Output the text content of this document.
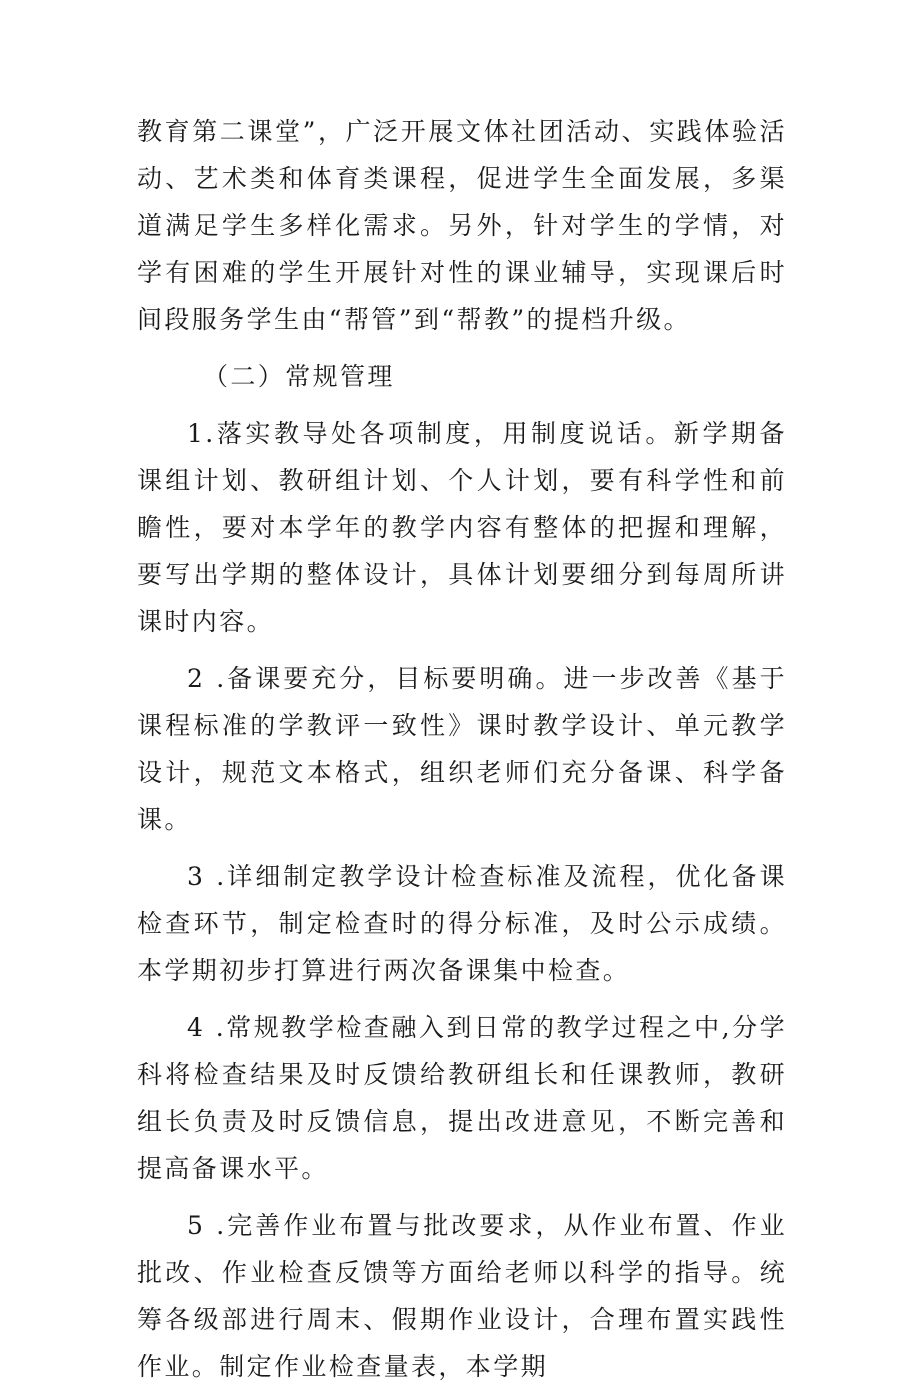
教育第二课堂”，广泛开展文体社团活动、实践体验活动、艺术类和体育类课程，促进学生全面发展，多渠道满足学生多样化需求。另外，针对学生的学情，对学有困难的学生开展针对性的课业辅导，实现课后时间段服务学生由“帮管”到“帮教”的提档升级。

（二）常规管理

1.落实教导处各项制度，用制度说话。新学期备课组计划、教研组计划、个人计划，要有科学性和前瞻性，要对本学年的教学内容有整体的把握和理解，要写出学期的整体设计，具体计划要细分到每周所讲课时内容。

2 .备课要充分，目标要明确。进一步改善《基于课程标准的学教评一致性》课时教学设计、单元教学设计，规范文本格式，组织老师们充分备课、科学备课。

3 .详细制定教学设计检查标准及流程，优化备课检查环节，制定检查时的得分标准，及时公示成绩。本学期初步打算进行两次备课集中检查。

4 .常规教学检查融入到日常的教学过程之中,分学科将检查结果及时反馈给教研组长和任课教师，教研组长负责及时反馈信息，提出改进意见，不断完善和提高备课水平。

5 .完善作业布置与批改要求，从作业布置、作业批改、作业检查反馈等方面给老师以科学的指导。统筹各级部进行周末、假期作业设计，合理布置实践性作业。制定作业检查量表，本学期
